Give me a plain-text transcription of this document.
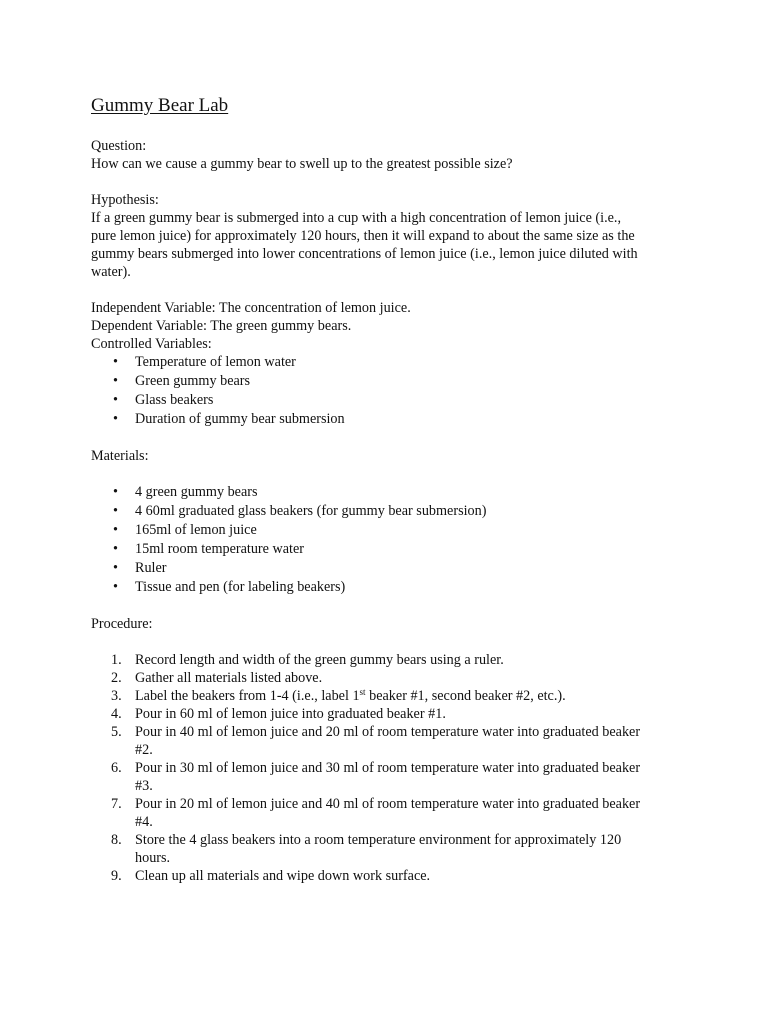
Gummy Bear Lab

Question:

How can we cause a gummy bear to swell up to the greatest possible size?

Hypothesis:

If a green gummy bear is submerged into a cup with a high concentration of lemon juice (i.e.,

pure lemon juice) for approximately 120 hours, then it will expand to about the same size as the

gummy bears submerged into lower concentrations of lemon juice (i.e., lemon juice diluted with

water).

Independent Variable: The concentration of lemon juice.

Dependent Variable: The green gummy bears.

Controlled Variables:

• Temperature of lemon water
• Green gummy bears
• Glass beakers
• Duration of gummy bear submersion

Materials:

• 4 green gummy bears
• 4 60ml graduated glass beakers (for gummy bear submersion)
• 165ml of lemon juice
• 15ml room temperature water
• Ruler
• Tissue and pen (for labeling beakers)

Procedure:

1. Record length and width of the green gummy bears using a ruler.
2. Gather all materials listed above.
3. Label the beakers from 1-4 (i.e., label 1st beaker #1, second beaker #2, etc.).
4. Pour in 60 ml of lemon juice into graduated beaker #1.
5. Pour in 40 ml of lemon juice and 20 ml of room temperature water into graduated beaker
#2.
6. Pour in 30 ml of lemon juice and 30 ml of room temperature water into graduated beaker
#3.
7. Pour in 20 ml of lemon juice and 40 ml of room temperature water into graduated beaker
#4.
8. Store the 4 glass beakers into a room temperature environment for approximately 120
hours.
9. Clean up all materials and wipe down work surface.
